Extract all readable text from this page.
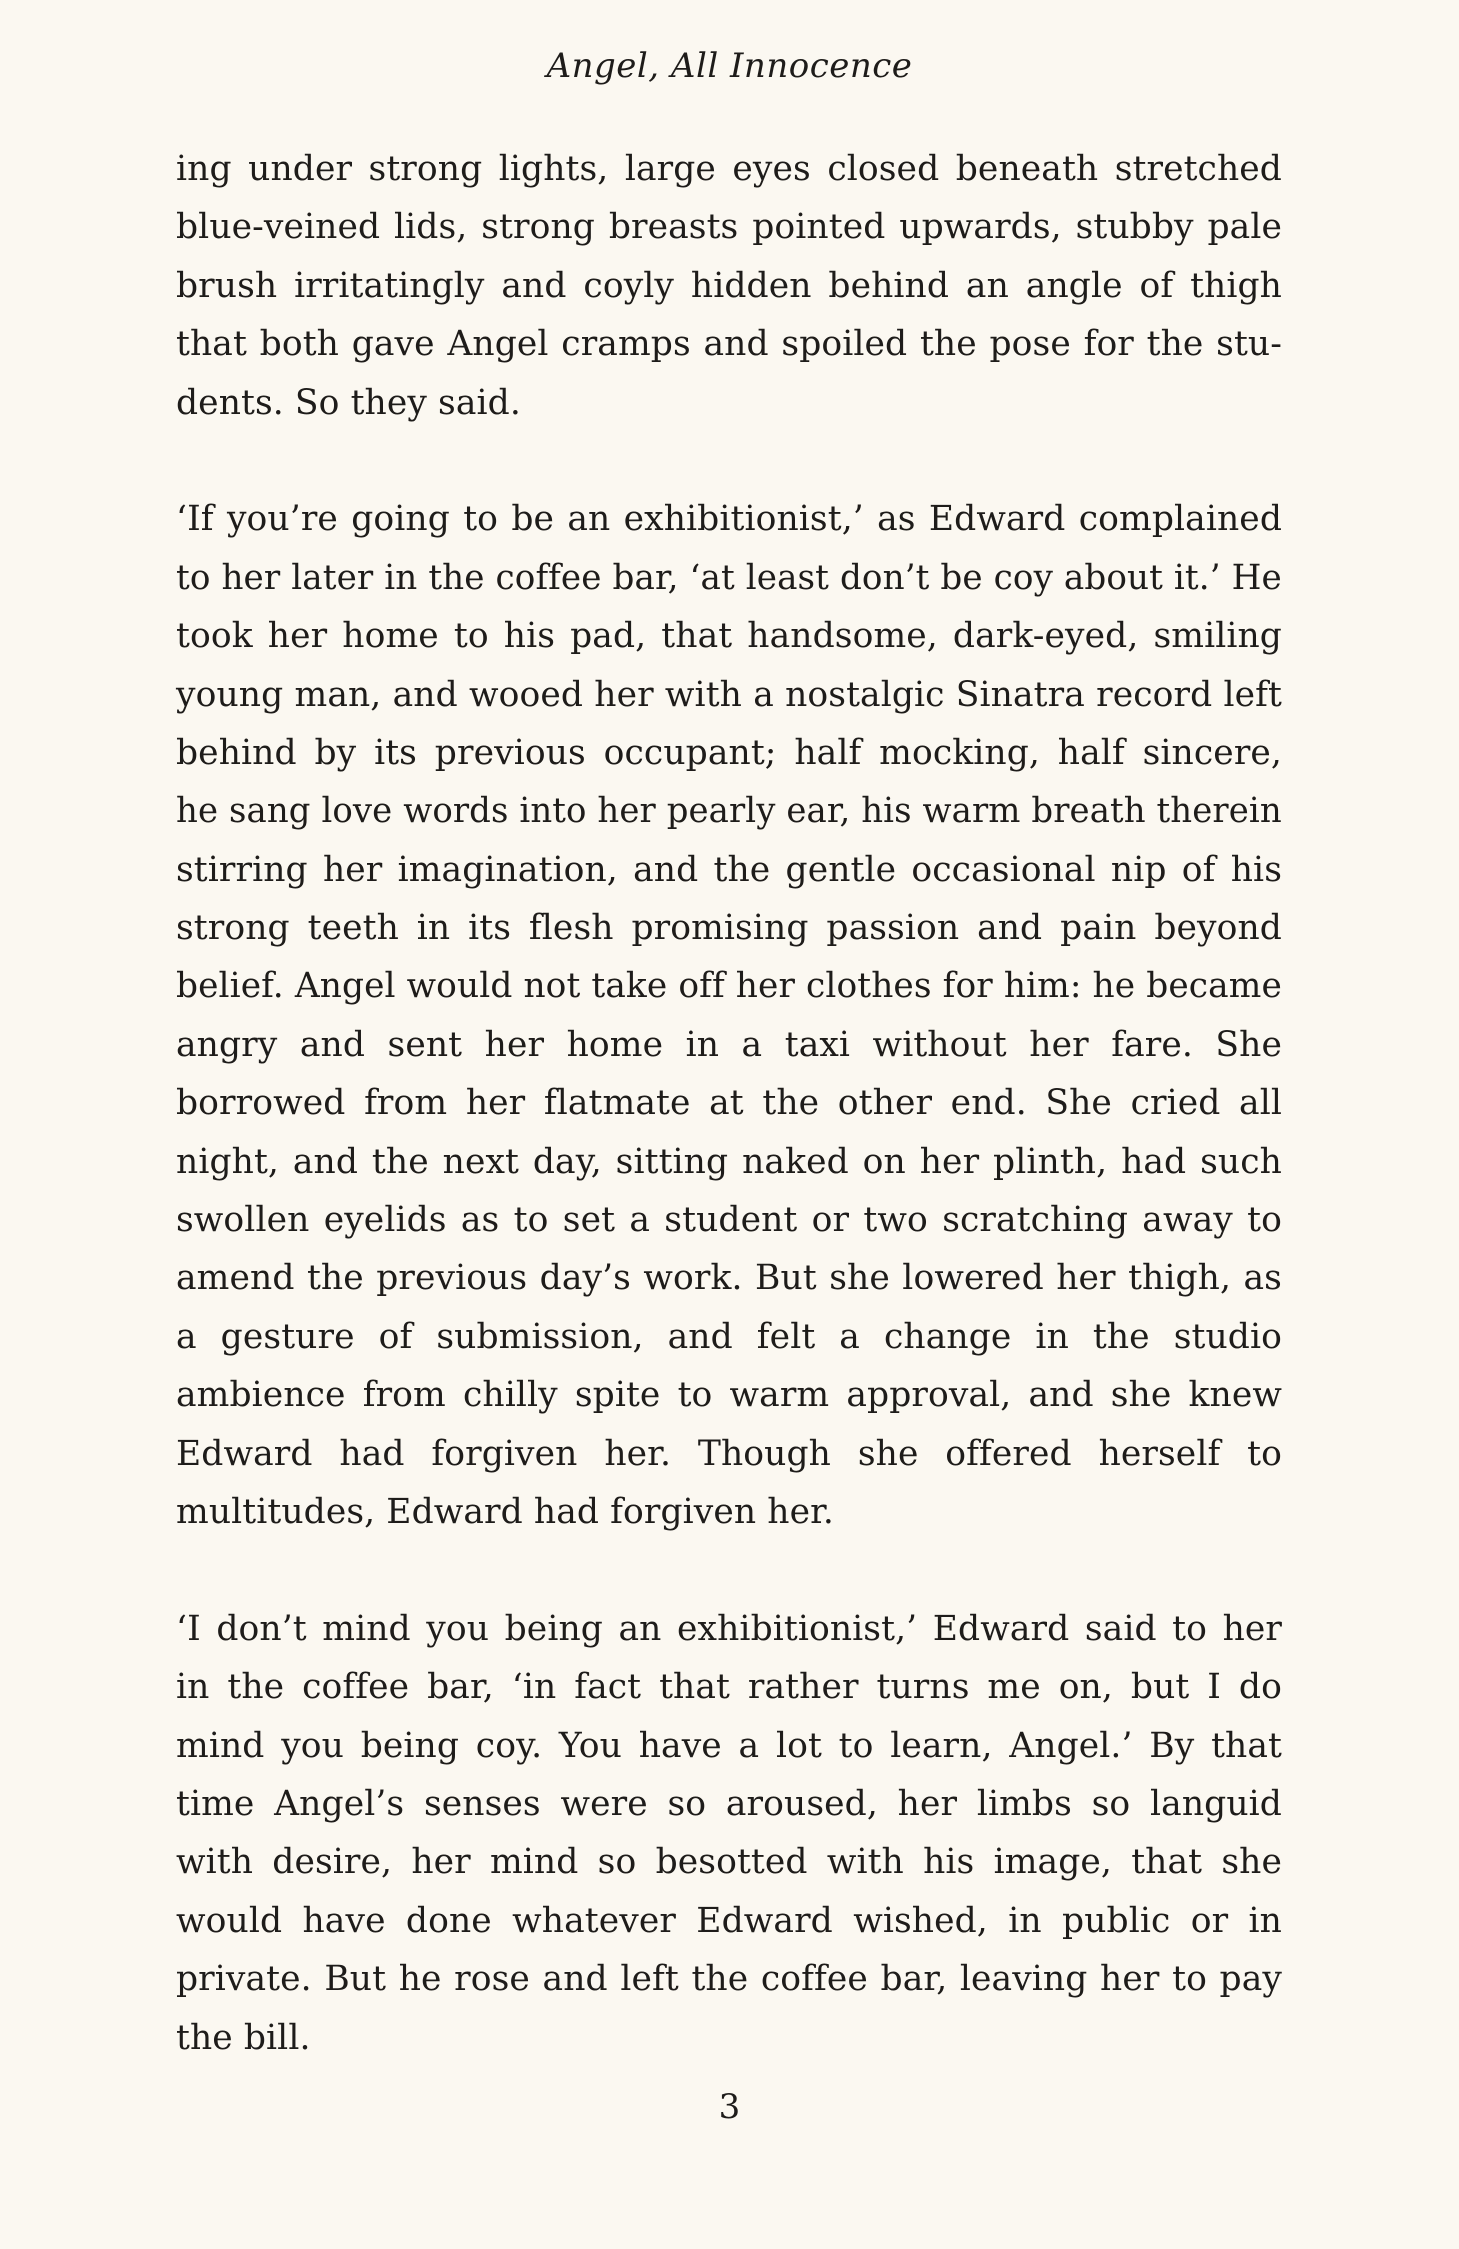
Angel, All Innocence
ing under strong lights, large eyes closed beneath stretched
blue-veined lids, strong breasts pointed upwards, stubby pale
brush irritatingly and coyly hidden behind an angle of thigh
that both gave Angel cramps and spoiled the pose for the stu-
dents. So they said.
‘If you’re going to be an exhibitionist,’ as Edward complained
to her later in the coffee bar, ‘at least don’t be coy about it.’ He
took her home to his pad, that handsome, dark-eyed, smiling
young man, and wooed her with a nostalgic Sinatra record left
behind by its previous occupant; half mocking, half sincere,
he sang love words into her pearly ear, his warm breath therein
stirring her imagination, and the gentle occasional nip of his
strong teeth in its flesh promising passion and pain beyond
belief. Angel would not take off her clothes for him: he became
angry and sent her home in a taxi without her fare. She
borrowed from her flatmate at the other end. She cried all
night, and the next day, sitting naked on her plinth, had such
swollen eyelids as to set a student or two scratching away to
amend the previous day’s work. But she lowered her thigh, as
a gesture of submission, and felt a change in the studio
ambience from chilly spite to warm approval, and she knew
Edward had forgiven her. Though she offered herself to
multitudes, Edward had forgiven her.
‘I don’t mind you being an exhibitionist,’ Edward said to her
in the coffee bar, ‘in fact that rather turns me on, but I do
mind you being coy. You have a lot to learn, Angel.’ By that
time Angel’s senses were so aroused, her limbs so languid
with desire, her mind so besotted with his image, that she
would have done whatever Edward wished, in public or in
private. But he rose and left the coffee bar, leaving her to pay
the bill.
3
